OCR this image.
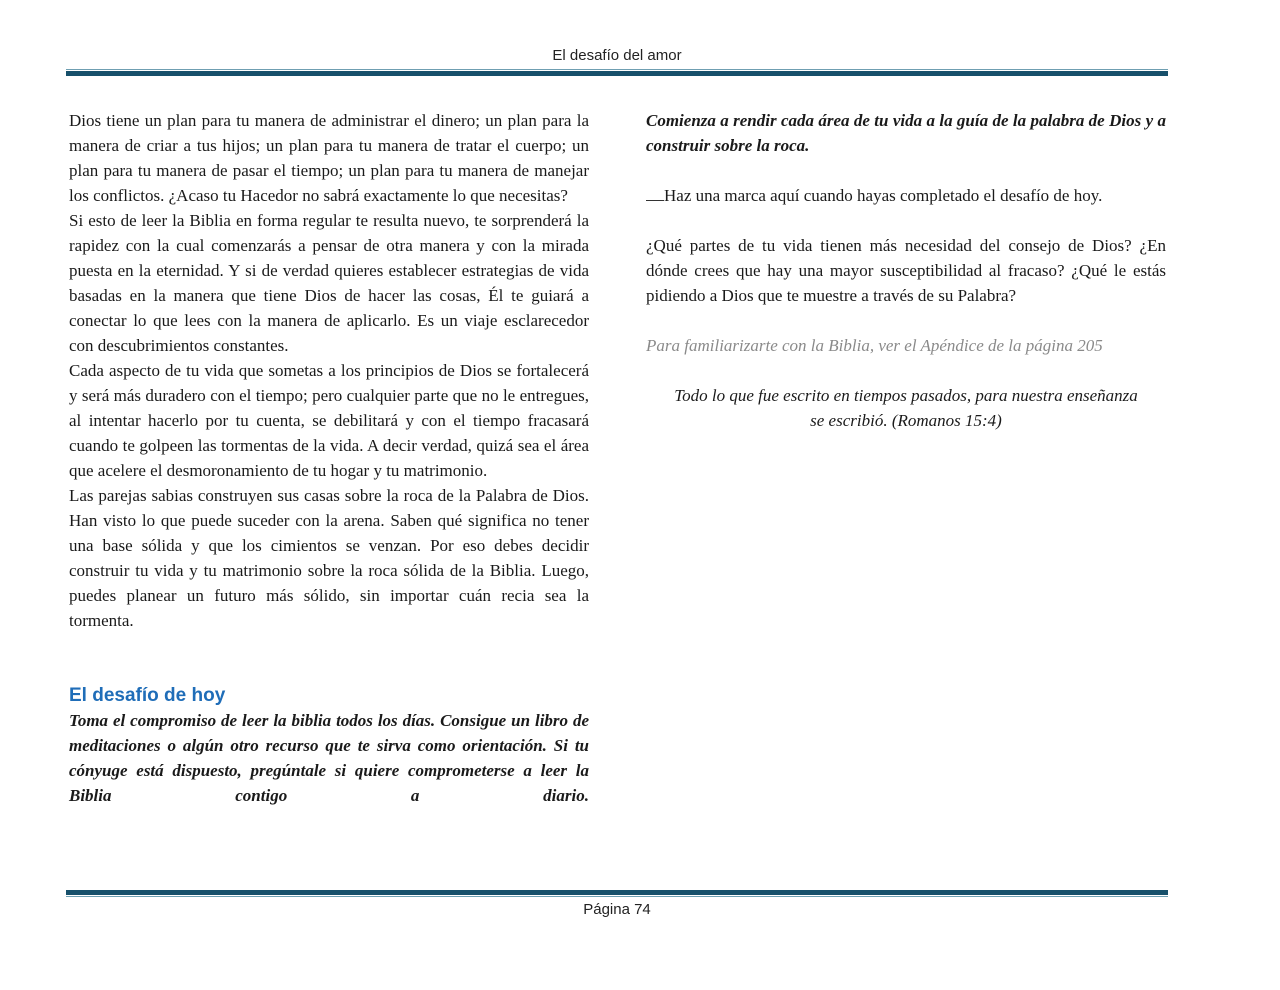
El desafío del amor

Dios tiene un plan para tu manera de administrar el dinero; un plan para la manera de criar a tus hijos; un plan para tu manera de tratar el cuerpo; un plan para tu manera de pasar el tiempo; un plan para tu manera de manejar los conflictos. ¿Acaso tu Hacedor no sabrá exactamente lo que necesitas?

Si esto de leer la Biblia en forma regular te resulta nuevo, te sorprenderá la rapidez con la cual comenzarás a pensar de otra manera y con la mirada puesta en la eternidad. Y si de verdad quieres establecer estrategias de vida basadas en la manera que tiene Dios de hacer las cosas, Él te guiará a conectar lo que lees con la manera de aplicarlo. Es un viaje esclarecedor con descubrimientos constantes.

Cada aspecto de tu vida que sometas a los principios de Dios se fortalecerá y será más duradero con el tiempo; pero cualquier parte que no le entregues, al intentar hacerlo por tu cuenta, se debilitará y con el tiempo fracasará cuando te golpeen las tormentas de la vida. A decir verdad, quizá sea el área que acelere el desmoronamiento de tu hogar y tu matrimonio.

Las parejas sabias construyen sus casas sobre la roca de la Palabra de Dios. Han visto lo que puede suceder con la arena. Saben qué significa no tener una base sólida y que los cimientos se venzan. Por eso debes decidir construir tu vida y tu matrimonio sobre la roca sólida de la Biblia. Luego, puedes planear un futuro más sólido, sin importar cuán recia sea la tormenta.

El desafío de hoy

Toma el compromiso de leer la biblia todos los días. Consigue un libro de meditaciones o algún otro recurso que te sirva como orientación. Si tu cónyuge está dispuesto, pregúntale si quiere comprometerse a leer la Biblia contigo a diario.

Comienza a rendir cada área de tu vida a la guía de la palabra de Dios y a construir sobre la roca.

Haz una marca aquí cuando hayas completado el desafío de hoy.

¿Qué partes de tu vida tienen más necesidad del consejo de Dios? ¿En dónde crees que hay una mayor susceptibilidad al fracaso? ¿Qué le estás pidiendo a Dios que te muestre a través de su Palabra?

Para familiarizarte con la Biblia, ver el Apéndice de la página 205

Todo lo que fue escrito en tiempos pasados, para nuestra enseñanza

se escribió. (Romanos 15:4)

Página 74
